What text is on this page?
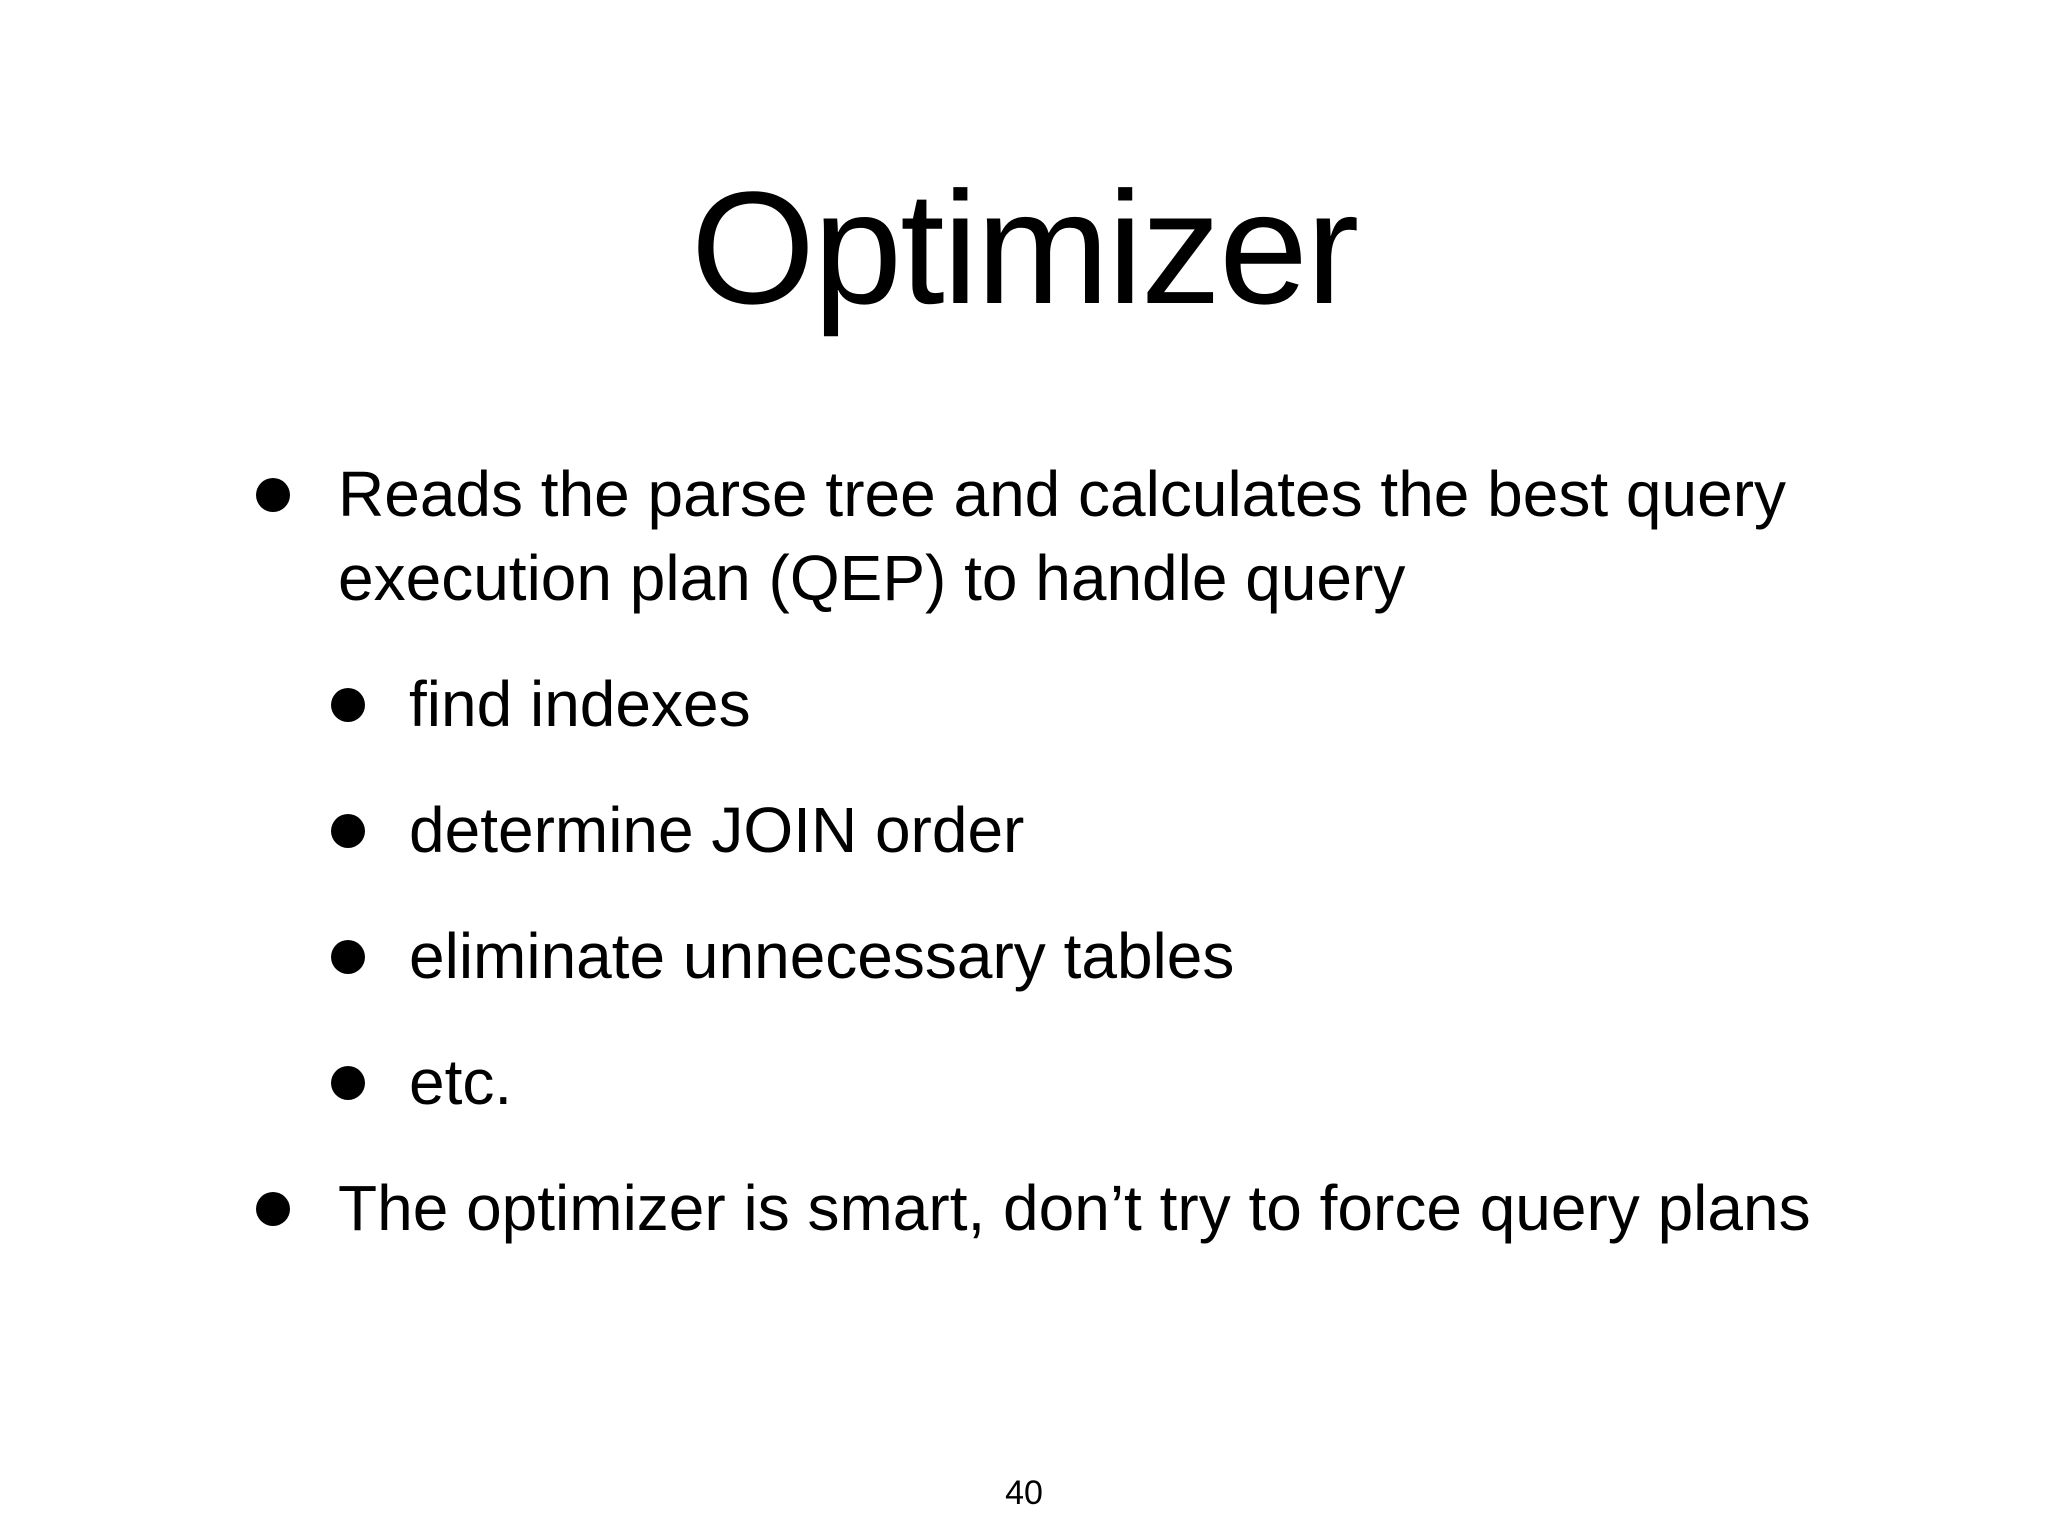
Optimizer
Reads the parse tree and calculates the best query execution plan (QEP) to handle query
find indexes
determine JOIN order
eliminate unnecessary tables
etc.
The optimizer is smart, don’t try to force query plans
40
